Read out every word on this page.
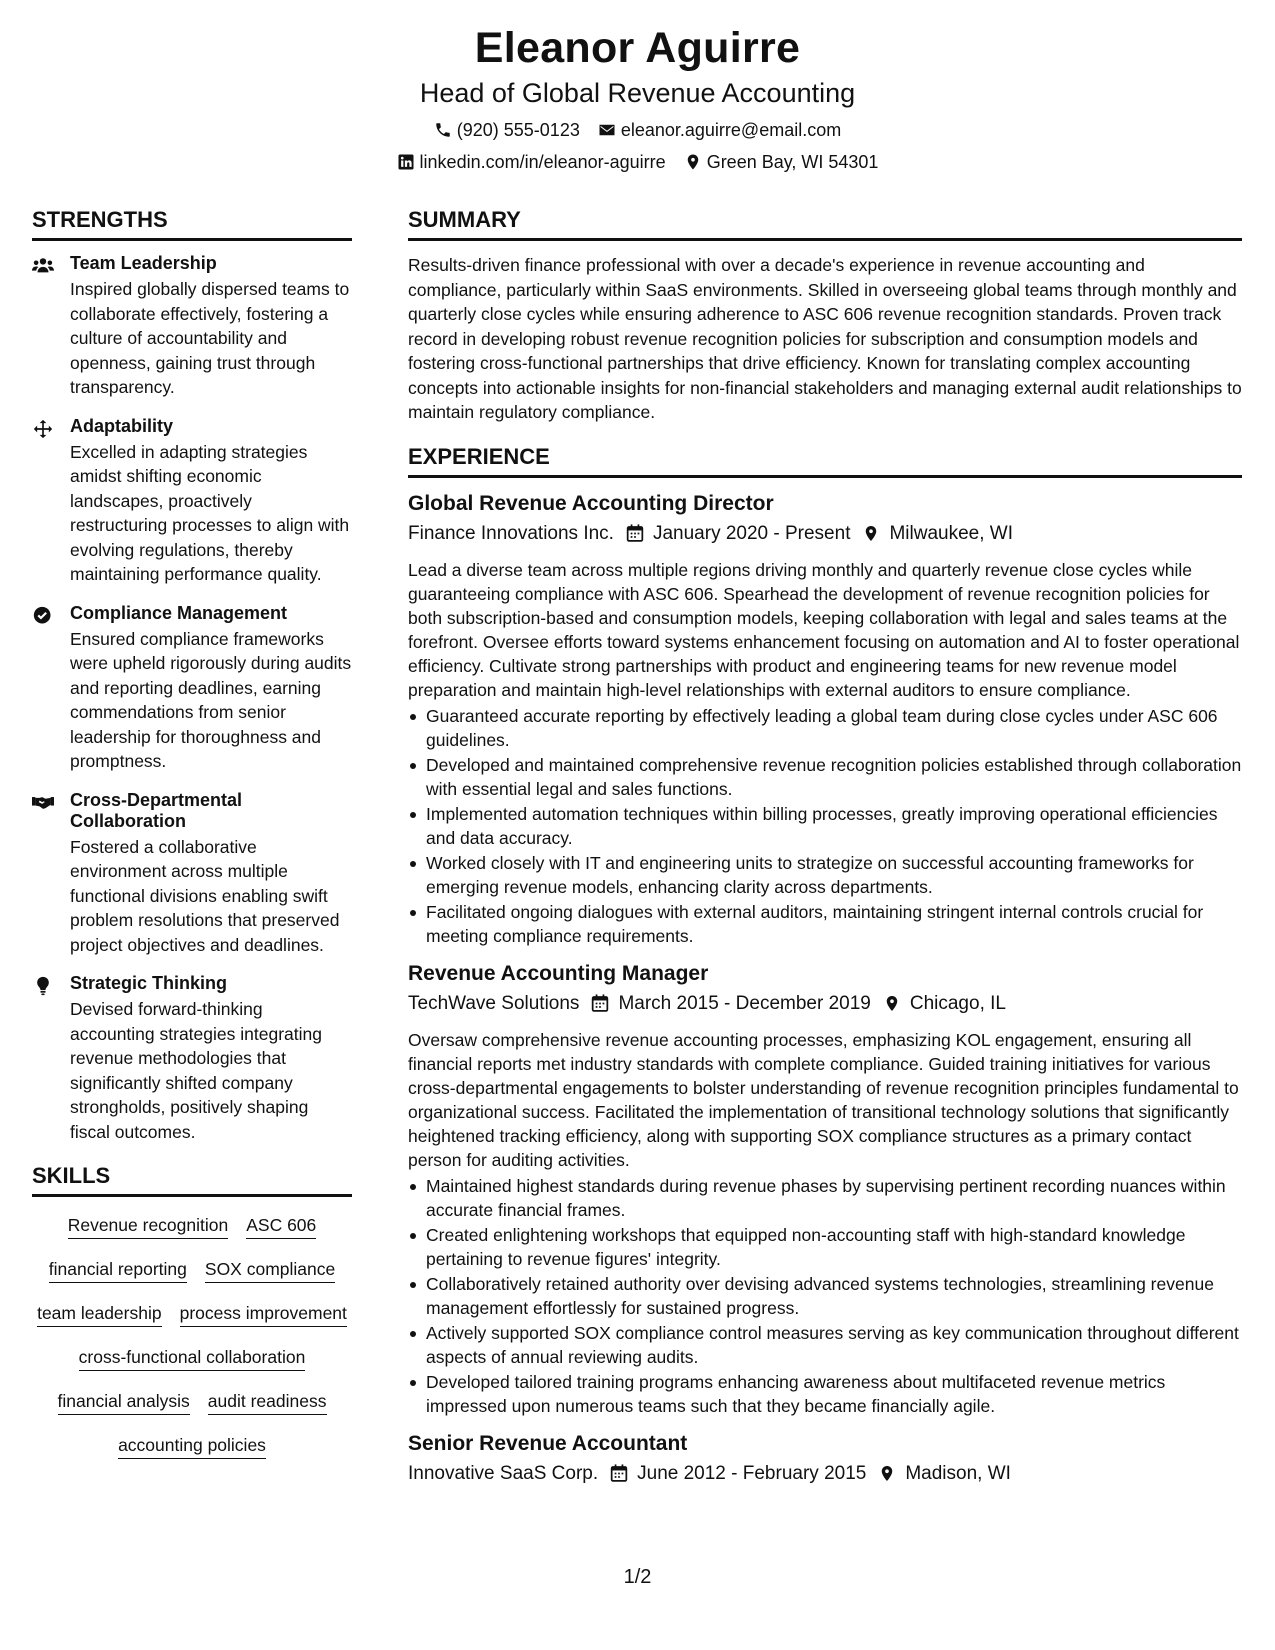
Eleanor Aguirre
Head of Global Revenue Accounting
(920) 555-0123 eleanor.aguirre@email.com
linkedin.com/in/eleanor-aguirre Green Bay, WI 54301
STRENGTHS
Team Leadership
Inspired globally dispersed teams to collaborate effectively, fostering a culture of accountability and openness, gaining trust through transparency.
Adaptability
Excelled in adapting strategies amidst shifting economic landscapes, proactively restructuring processes to align with evolving regulations, thereby maintaining performance quality.
Compliance Management
Ensured compliance frameworks were upheld rigorously during audits and reporting deadlines, earning commendations from senior leadership for thoroughness and promptness.
Cross-Departmental Collaboration
Fostered a collaborative environment across multiple functional divisions enabling swift problem resolutions that preserved project objectives and deadlines.
Strategic Thinking
Devised forward-thinking accounting strategies integrating revenue methodologies that significantly shifted company strongholds, positively shaping fiscal outcomes.
SKILLS
Revenue recognition ASC 606
financial reporting SOX compliance
team leadership process improvement
cross-functional collaboration
financial analysis audit readiness
accounting policies
SUMMARY

Results-driven finance professional with over a decade's experience in revenue accounting and compliance, particularly within SaaS environments. Skilled in overseeing global teams through monthly and quarterly close cycles while ensuring adherence to ASC 606 revenue recognition standards. Proven track record in developing robust revenue recognition policies for subscription and consumption models and fostering cross-functional partnerships that drive efficiency. Known for translating complex accounting concepts into actionable insights for non-financial stakeholders and managing external audit relationships to maintain regulatory compliance.

EXPERIENCE
Global Revenue Accounting Director
Finance Innovations Inc. January 2020 - Present Milwaukee, WI

Lead a diverse team across multiple regions driving monthly and quarterly revenue close cycles while guaranteeing compliance with ASC 606. Spearhead the development of revenue recognition policies for both subscription-based and consumption models, keeping collaboration with legal and sales teams at the forefront. Oversee efforts toward systems enhancement focusing on automation and AI to foster operational efficiency. Cultivate strong partnerships with product and engineering teams for new revenue model preparation and maintain high-level relationships with external auditors to ensure compliance.

Guaranteed accurate reporting by effectively leading a global team during close cycles under ASC 606 guidelines.
Developed and maintained comprehensive revenue recognition policies established through collaboration with essential legal and sales functions.
Implemented automation techniques within billing processes, greatly improving operational efficiencies and data accuracy.
Worked closely with IT and engineering units to strategize on successful accounting frameworks for emerging revenue models, enhancing clarity across departments.
Facilitated ongoing dialogues with external auditors, maintaining stringent internal controls crucial for meeting compliance requirements.
Revenue Accounting Manager
TechWave Solutions March 2015 - December 2019 Chicago, IL

Oversaw comprehensive revenue accounting processes, emphasizing KOL engagement, ensuring all financial reports met industry standards with complete compliance. Guided training initiatives for various cross-departmental engagements to bolster understanding of revenue recognition principles fundamental to organizational success. Facilitated the implementation of transitional technology solutions that significantly heightened tracking efficiency, along with supporting SOX compliance structures as a primary contact person for auditing activities.

Maintained highest standards during revenue phases by supervising pertinent recording nuances within accurate financial frames.
Created enlightening workshops that equipped non-accounting staff with high-standard knowledge pertaining to revenue figures' integrity.
Collaboratively retained authority over devising advanced systems technologies, streamlining revenue management effortlessly for sustained progress.
Actively supported SOX compliance control measures serving as key communication throughout different aspects of annual reviewing audits.
Developed tailored training programs enhancing awareness about multifaceted revenue metrics impressed upon numerous teams such that they became financially agile.
Senior Revenue Accountant
Innovative SaaS Corp. June 2012 - February 2015 Madison, WI
1/2
